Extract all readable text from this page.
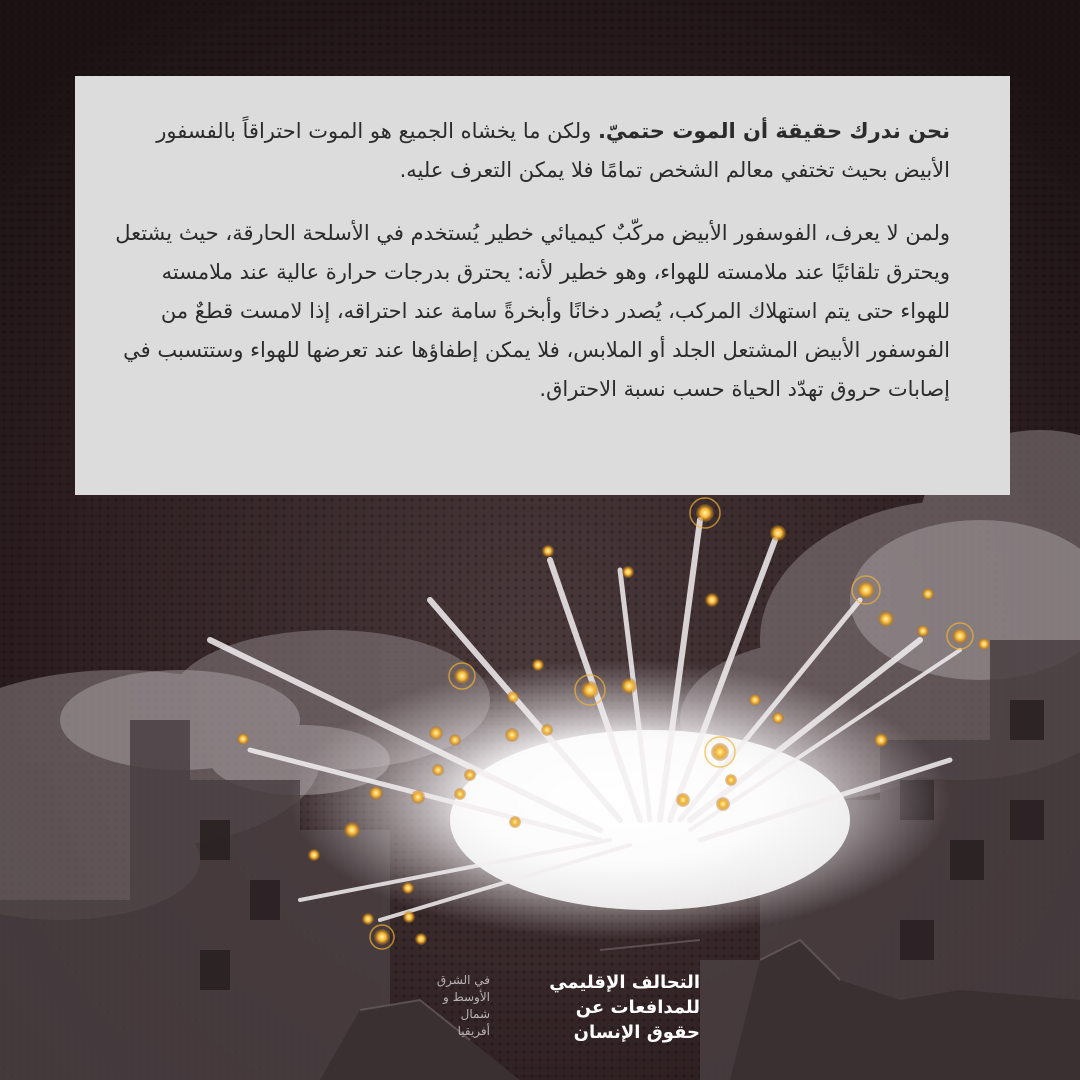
نحن ندرك حقيقة أن الموت حتميّ. ولكن ما يخشاه الجميع هو الموت احتراقاً بالفسفور الأبيض بحيث تختفي معالم الشخص تمامًا فلا يمكن التعرف عليه.

ولمن لا يعرف، الفوسفور الأبيض مركّبٌ كيميائي خطير يُستخدم في الأسلحة الحارقة، حيث يشتعل ويحترق تلقائيًا عند ملامسته للهواء، وهو خطير لأنه: يحترق بدرجات حرارة عالية عند ملامسته للهواء حتى يتم استهلاك المركب، يُصدر دخانًا وأبخرةً سامة عند احتراقه، إذا لامست قطعٌ من الفوسفور الأبيض المشتعل الجلد أو الملابس، فلا يمكن إطفاؤها عند تعرضها للهواء وستتسبب في إصابات حروق تهدّد الحياة حسب نسبة الاحتراق.

التحالف الإقليمي
للمدافعات عن
حقوق الإنسان
في الشرق
الأوسط و
شمال
أفريقيا
